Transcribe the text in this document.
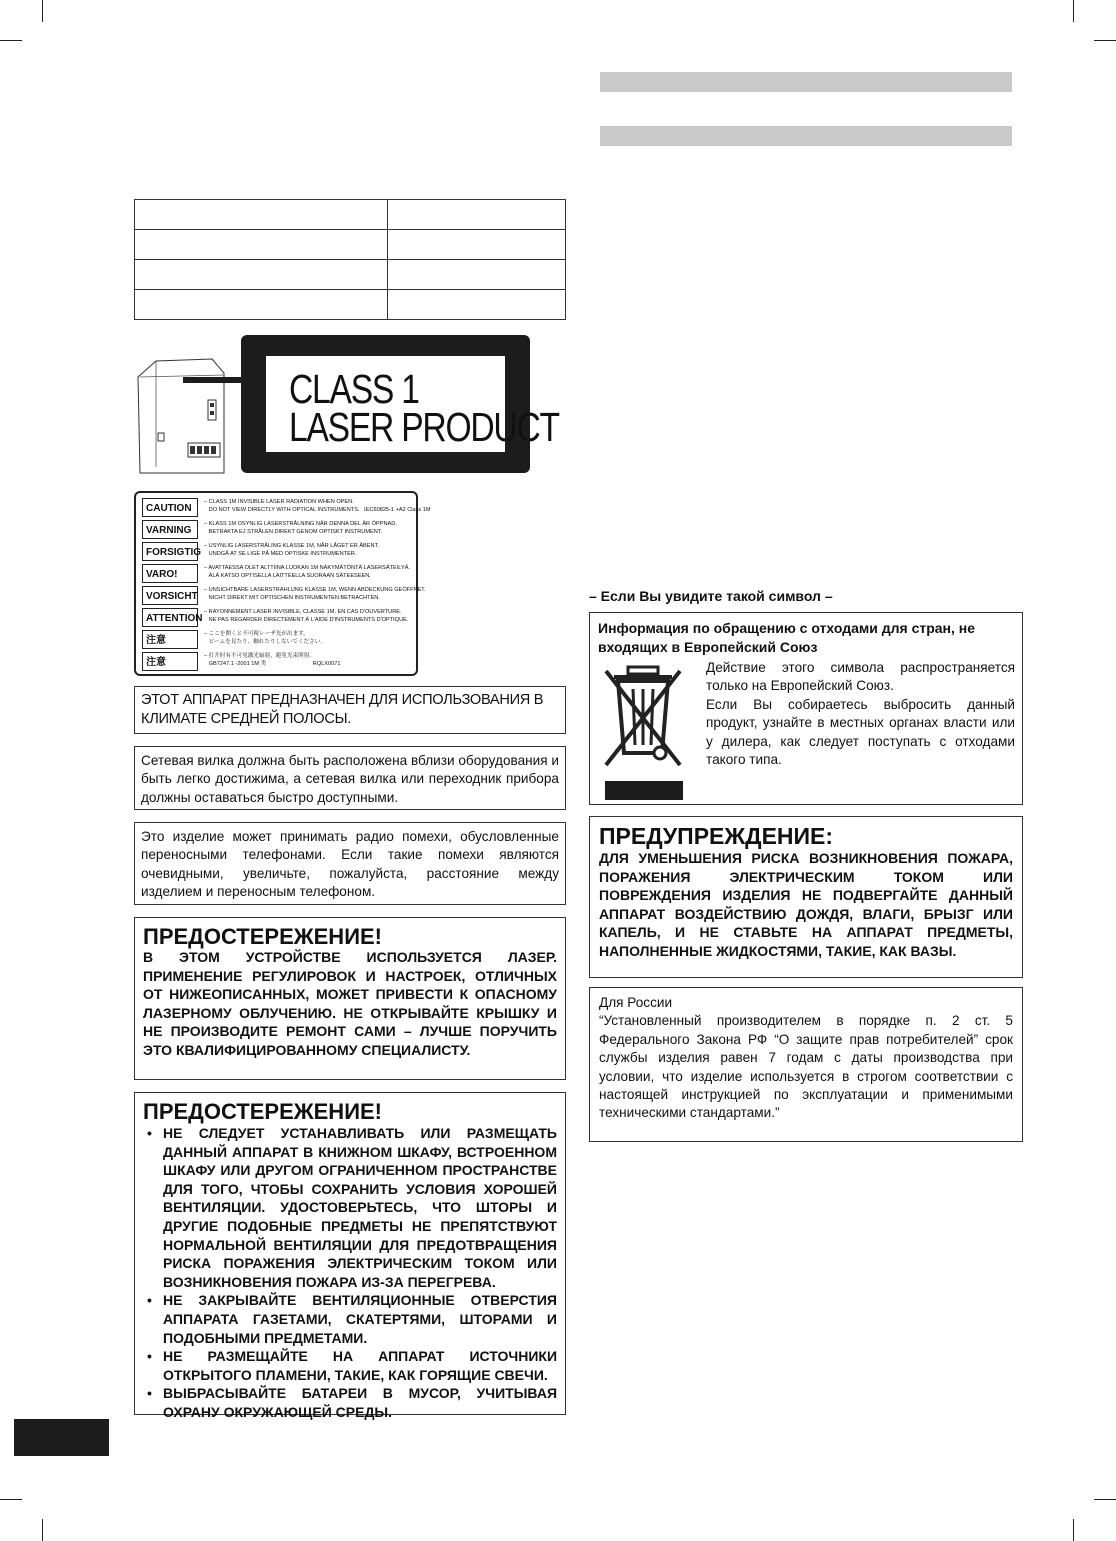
CLASS 1
LASER PRODUCT
CAUTION
– CLASS 1M INVISIBLE LASER RADIATION WHEN OPEN.
DO NOT VIEW DIRECTLY WITH OPTICAL INSTRUMENTS.   IEC60825-1 +A2 Class 1M
VARNING
– KLASS 1M OSYNLIG LASERSTRÅLNING NÄR DENNA DEL ÄR ÖPPNAD.
BETRAKTA EJ STRÅLEN DIREKT GENOM OPTISKT INSTRUMENT.
FORSIGTIG
– USYNLIG LASERSTRÅLING KLASSE 1M, NÅR LÅGET ER ÅBENT.
UNDGÅ AT SE LIGE PÅ MED OPTISKE INSTRUMENTER.
VARO!
– AVATTAESSA OLET ALTTIINA LUOKAN 1M NÄKYMÄTÖNTÄ LASERSÄTEILYÄ.
ÄLÄ KATSO OPTISELLA LAITTEELLA SUORAAN SÄTEESEEN.
VORSICHT
– UNSICHTBARE LASERSTRAHLUNG KLASSE 1M, WENN ABDECKUNG GEÖFFNET.
NICHT DIREKT MIT OPTISCHEN INSTRUMENTEN BETRACHTEN.
ATTENTION
– RAYONNEMENT LASER INVISIBLE, CLASSE 1M, EN CAS D'OUVERTURE.
NE PAS REGARDER DIRECTEMENT À L'AIDE D'INSTRUMENTS D'OPTIQUE.
注意
– ここを開くと不可視レーザ光が出ます。
ビームを見たり、触れたりしないでください。
注意
– 打开时有不可见激光辐射，避免光束照射。
GB7247.1 -2001 1M 类                              RQLX0071
ЭТОТ АППАРАТ ПРЕДНАЗНАЧЕН ДЛЯ ИСПОЛЬЗОВАНИЯ В КЛИМАТЕ СРЕДНЕЙ ПОЛОСЫ.
Сетевая вилка должна быть расположена вблизи оборудования и быть легко достижима, а сетевая вилка или переходник прибора должны оставаться быстро доступными.
Это изделие может принимать радио помехи, обусловленные переносными телефонами. Если такие помехи являются очевидными, увеличьте, пожалуйста, расстояние между изделием и переносным телефоном.
ПРЕДОСТЕРЕЖЕНИЕ!
В ЭТОМ УСТРОЙСТВЕ ИСПОЛЬЗУЕТСЯ ЛАЗЕР. ПРИМЕНЕНИЕ РЕГУЛИРОВОК И НАСТРОЕК, ОТЛИЧНЫХ ОТ НИЖЕОПИСАННЫХ, МОЖЕТ ПРИВЕСТИ К ОПАСНОМУ ЛАЗЕРНОМУ ОБЛУЧЕНИЮ. НЕ ОТКРЫВАЙТЕ КРЫШКУ И НЕ ПРОИЗВОДИТЕ РЕМОНТ САМИ – ЛУЧШЕ ПОРУЧИТЬ ЭТО КВАЛИФИЦИРОВАННОМУ СПЕЦИАЛИСТУ.
ПРЕДОСТЕРЕЖЕНИЕ!
• НЕ СЛЕДУЕТ УСТАНАВЛИВАТЬ ИЛИ РАЗМЕЩАТЬ ДАННЫЙ АППАРАТ В КНИЖНОМ ШКАФУ, ВСТРОЕННОМ ШКАФУ ИЛИ ДРУГОМ ОГРАНИЧЕННОМ ПРОСТРАНСТВЕ ДЛЯ ТОГО, ЧТОБЫ СОХРАНИТЬ УСЛОВИЯ ХОРОШЕЙ ВЕНТИЛЯЦИИ. УДОСТОВЕРЬТЕСЬ, ЧТО ШТОРЫ И ДРУГИЕ ПОДОБНЫЕ ПРЕДМЕТЫ НЕ ПРЕПЯТСТВУЮТ НОРМАЛЬНОЙ ВЕНТИЛЯЦИИ ДЛЯ ПРЕДОТВРАЩЕНИЯ РИСКА ПОРАЖЕНИЯ ЭЛЕКТРИЧЕСКИМ ТОКОМ ИЛИ ВОЗНИКНОВЕНИЯ ПОЖАРА ИЗ-ЗА ПЕРЕГРЕВА.
• НЕ ЗАКРЫВАЙТЕ ВЕНТИЛЯЦИОННЫЕ ОТВЕРСТИЯ АППАРАТА ГАЗЕТАМИ, СКАТЕРТЯМИ, ШТОРАМИ И ПОДОБНЫМИ ПРЕДМЕТАМИ.
• НЕ РАЗМЕЩАЙТЕ НА АППАРАТ ИСТОЧНИКИ ОТКРЫТОГО ПЛАМЕНИ, ТАКИЕ, КАК ГОРЯЩИЕ СВЕЧИ.
• ВЫБРАСЫВАЙТЕ БАТАРЕИ В МУСОР, УЧИТЫВАЯ ОХРАНУ ОКРУЖАЮЩЕЙ СРЕДЫ.
– Если Вы увидите такой символ –
Информация по обращению с отходами для стран, не входящих в Европейский Союз
Действие этого символа распространяется только на Европейский Союз.
Если Вы собираетесь выбросить данный продукт, узнайте в местных органах власти или у дилера, как следует поступать с отходами такого типа.
ПРЕДУПРЕЖДЕНИЕ:
ДЛЯ УМЕНЬШЕНИЯ РИСКА ВОЗНИКНОВЕНИЯ ПОЖАРА, ПОРАЖЕНИЯ ЭЛЕКТРИЧЕСКИМ ТОКОМ ИЛИ ПОВРЕЖДЕНИЯ ИЗДЕЛИЯ НЕ ПОДВЕРГАЙТЕ ДАННЫЙ АППАРАТ ВОЗДЕЙСТВИЮ ДОЖДЯ, ВЛАГИ, БРЫЗГ ИЛИ КАПЕЛЬ, И НЕ СТАВЬТЕ НА АППАРАТ ПРЕДМЕТЫ, НАПОЛНЕННЫЕ ЖИДКОСТЯМИ, ТАКИЕ, КАК ВАЗЫ.
Для России
“Установленный производителем в порядке п. 2 ст. 5 Федерального Закона РФ “О защите прав потребителей” срок службы изделия равен 7 годам с даты производства при условии, что изделие используется в строгом соответствии с настоящей инструкцией по эксплуатации и применимыми техническими стандартами.”
